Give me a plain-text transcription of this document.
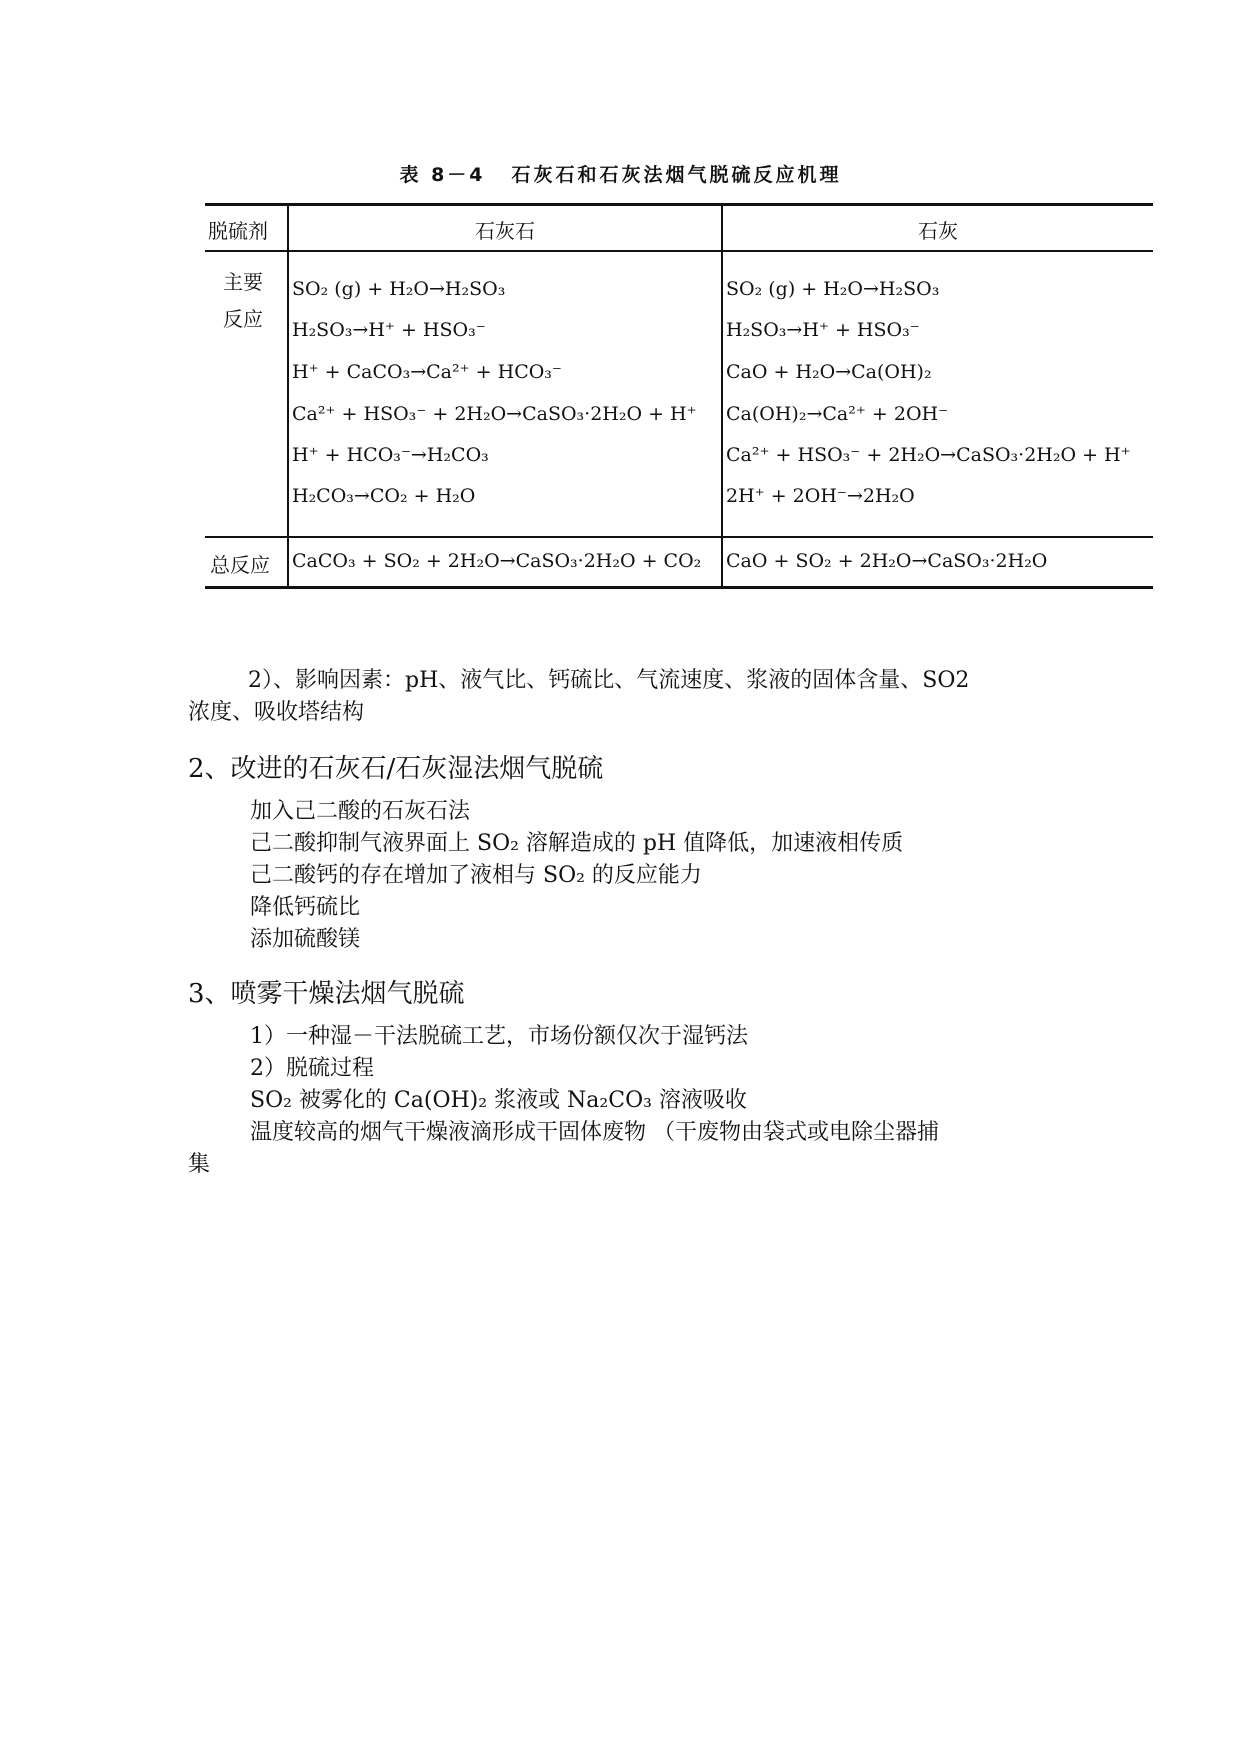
表 8－4 石灰石和石灰法烟气脱硫反应机理
脱硫剂	石灰石	石灰
主要
反应
SO₂ (g) + H₂O→H₂SO₃
H₂SO₃→H⁺ + HSO₃⁻
H⁺ + CaCO₃→Ca²⁺ + HCO₃⁻
Ca²⁺ + HSO₃⁻ + 2H₂O→CaSO₃·2H₂O + H⁺
H⁺ + HCO₃⁻→H₂CO₃
H₂CO₃→CO₂ + H₂O
SO₂ (g) + H₂O→H₂SO₃
H₂SO₃→H⁺ + HSO₃⁻
CaO + H₂O→Ca(OH)₂
Ca(OH)₂→Ca²⁺ + 2OH⁻
Ca²⁺ + HSO₃⁻ + 2H₂O→CaSO₃·2H₂O + H⁺
2H⁺ + 2OH⁻→2H₂O
总反应 CaCO₃ + SO₂ + 2H₂O→CaSO₃·2H₂O + CO₂ CaO + SO₂ + 2H₂O→CaSO₃·2H₂O
2）、影响因素：pH、液气比、钙硫比、气流速度、浆液的固体含量、SO2
浓度、吸收塔结构
2、改进的石灰石/石灰湿法烟气脱硫
加入己二酸的石灰石法
己二酸抑制气液界面上 SO₂ 溶解造成的 pH 值降低，加速液相传质
己二酸钙的存在增加了液相与 SO₂ 的反应能力
降低钙硫比
添加硫酸镁
3、喷雾干燥法烟气脱硫
1）一种湿－干法脱硫工艺，市场份额仅次于湿钙法
2）脱硫过程
SO₂ 被雾化的 Ca(OH)₂ 浆液或 Na₂CO₃ 溶液吸收
温度较高的烟气干燥液滴形成干固体废物 （干废物由袋式或电除尘器捕
集
